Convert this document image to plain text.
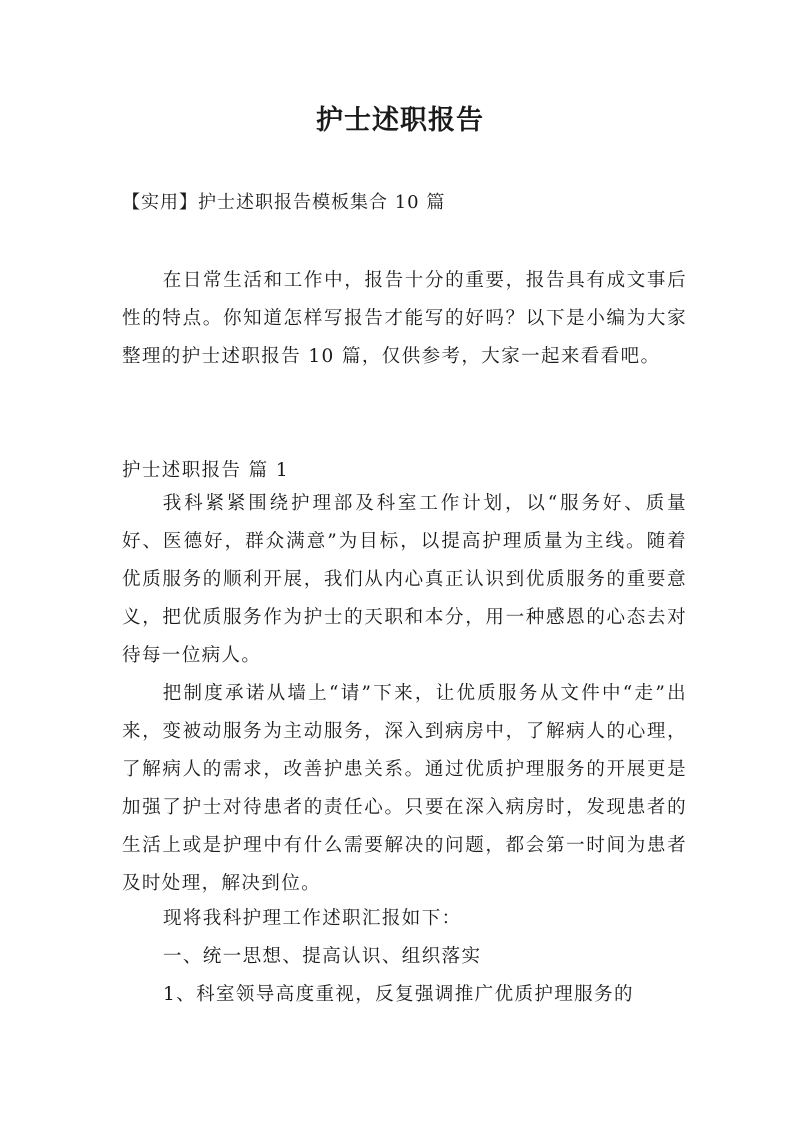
护士述职报告

【实用】护士述职报告模板集合 10 篇

在日常生活和工作中，报告十分的重要，报告具有成文事后性的特点。你知道怎样写报告才能写的好吗？以下是小编为大家整理的护士述职报告 10 篇，仅供参考，大家一起来看看吧。

护士述职报告 篇 1

我科紧紧围绕护理部及科室工作计划，以“服务好、质量好、医德好，群众满意”为目标，以提高护理质量为主线。随着优质服务的顺利开展，我们从内心真正认识到优质服务的重要意义，把优质服务作为护士的天职和本分，用一种感恩的心态去对待每一位病人。

把制度承诺从墙上“请”下来，让优质服务从文件中“走”出来，变被动服务为主动服务，深入到病房中，了解病人的心理，了解病人的需求，改善护患关系。通过优质护理服务的开展更是加强了护士对待患者的责任心。只要在深入病房时，发现患者的生活上或是护理中有什么需要解决的问题，都会第一时间为患者及时处理，解决到位。

现将我科护理工作述职汇报如下：

一、统一思想、提高认识、组织落实

1、科室领导高度重视，反复强调推广优质护理服务的
